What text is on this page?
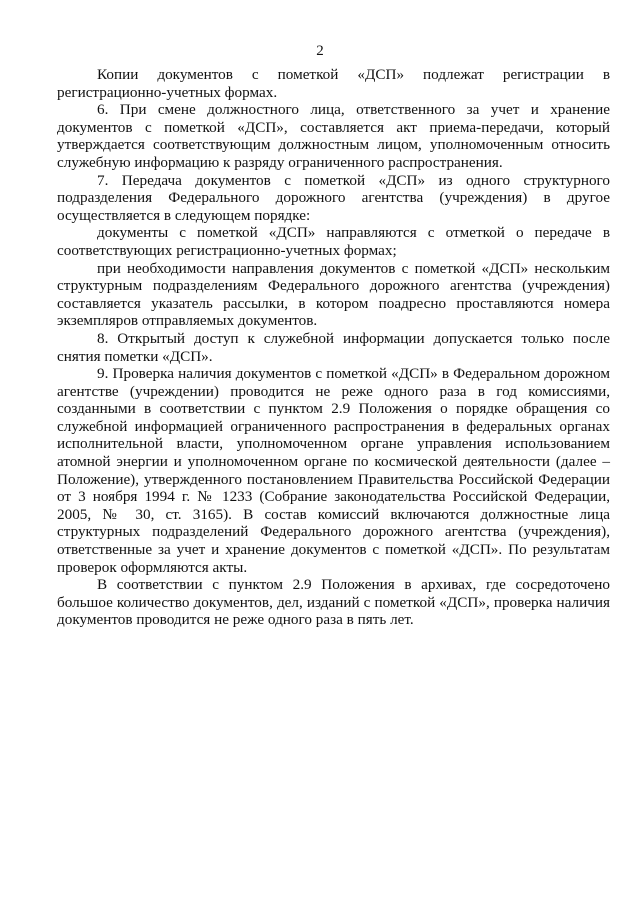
2

Копии документов с пометкой «ДСП» подлежат регистрации в регистрационно-учетных формах.

6. При смене должностного лица, ответственного за учет и хранение документов с пометкой «ДСП», составляется акт приема-передачи, который утверждается соответствующим должностным лицом, уполномоченным относить служебную информацию к разряду ограниченного распространения.

7. Передача документов с пометкой «ДСП» из одного структурного подразделения Федерального дорожного агентства (учреждения) в другое осуществляется в следующем порядке:

документы с пометкой «ДСП» направляются с отметкой о передаче в соответствующих регистрационно-учетных формах;

при необходимости направления документов с пометкой «ДСП» нескольким структурным подразделениям Федерального дорожного агентства (учреждения) составляется указатель рассылки, в котором поадресно проставляются номера экземпляров отправляемых документов.

8. Открытый доступ к служебной информации допускается только после снятия пометки «ДСП».

9. Проверка наличия документов с пометкой «ДСП» в Федеральном дорожном агентстве (учреждении) проводится не реже одного раза в год комиссиями, созданными в соответствии с пунктом 2.9 Положения о порядке обращения со служебной информацией ограниченного распространения в федеральных органах исполнительной власти, уполномоченном органе управления использованием атомной энергии и уполномоченном органе по космической деятельности (далее – Положение), утвержденного постановлением Правительства Российской Федерации от 3 ноября 1994 г. № 1233 (Собрание законодательства Российской Федерации, 2005, № 30, ст. 3165). В состав комиссий включаются должностные лица структурных подразделений Федерального дорожного агентства (учреждения), ответственные за учет и хранение документов с пометкой «ДСП». По результатам проверок оформляются акты.

В соответствии с пунктом 2.9 Положения в архивах, где сосредоточено большое количество документов, дел, изданий с пометкой «ДСП», проверка наличия документов проводится не реже одного раза в пять лет.
